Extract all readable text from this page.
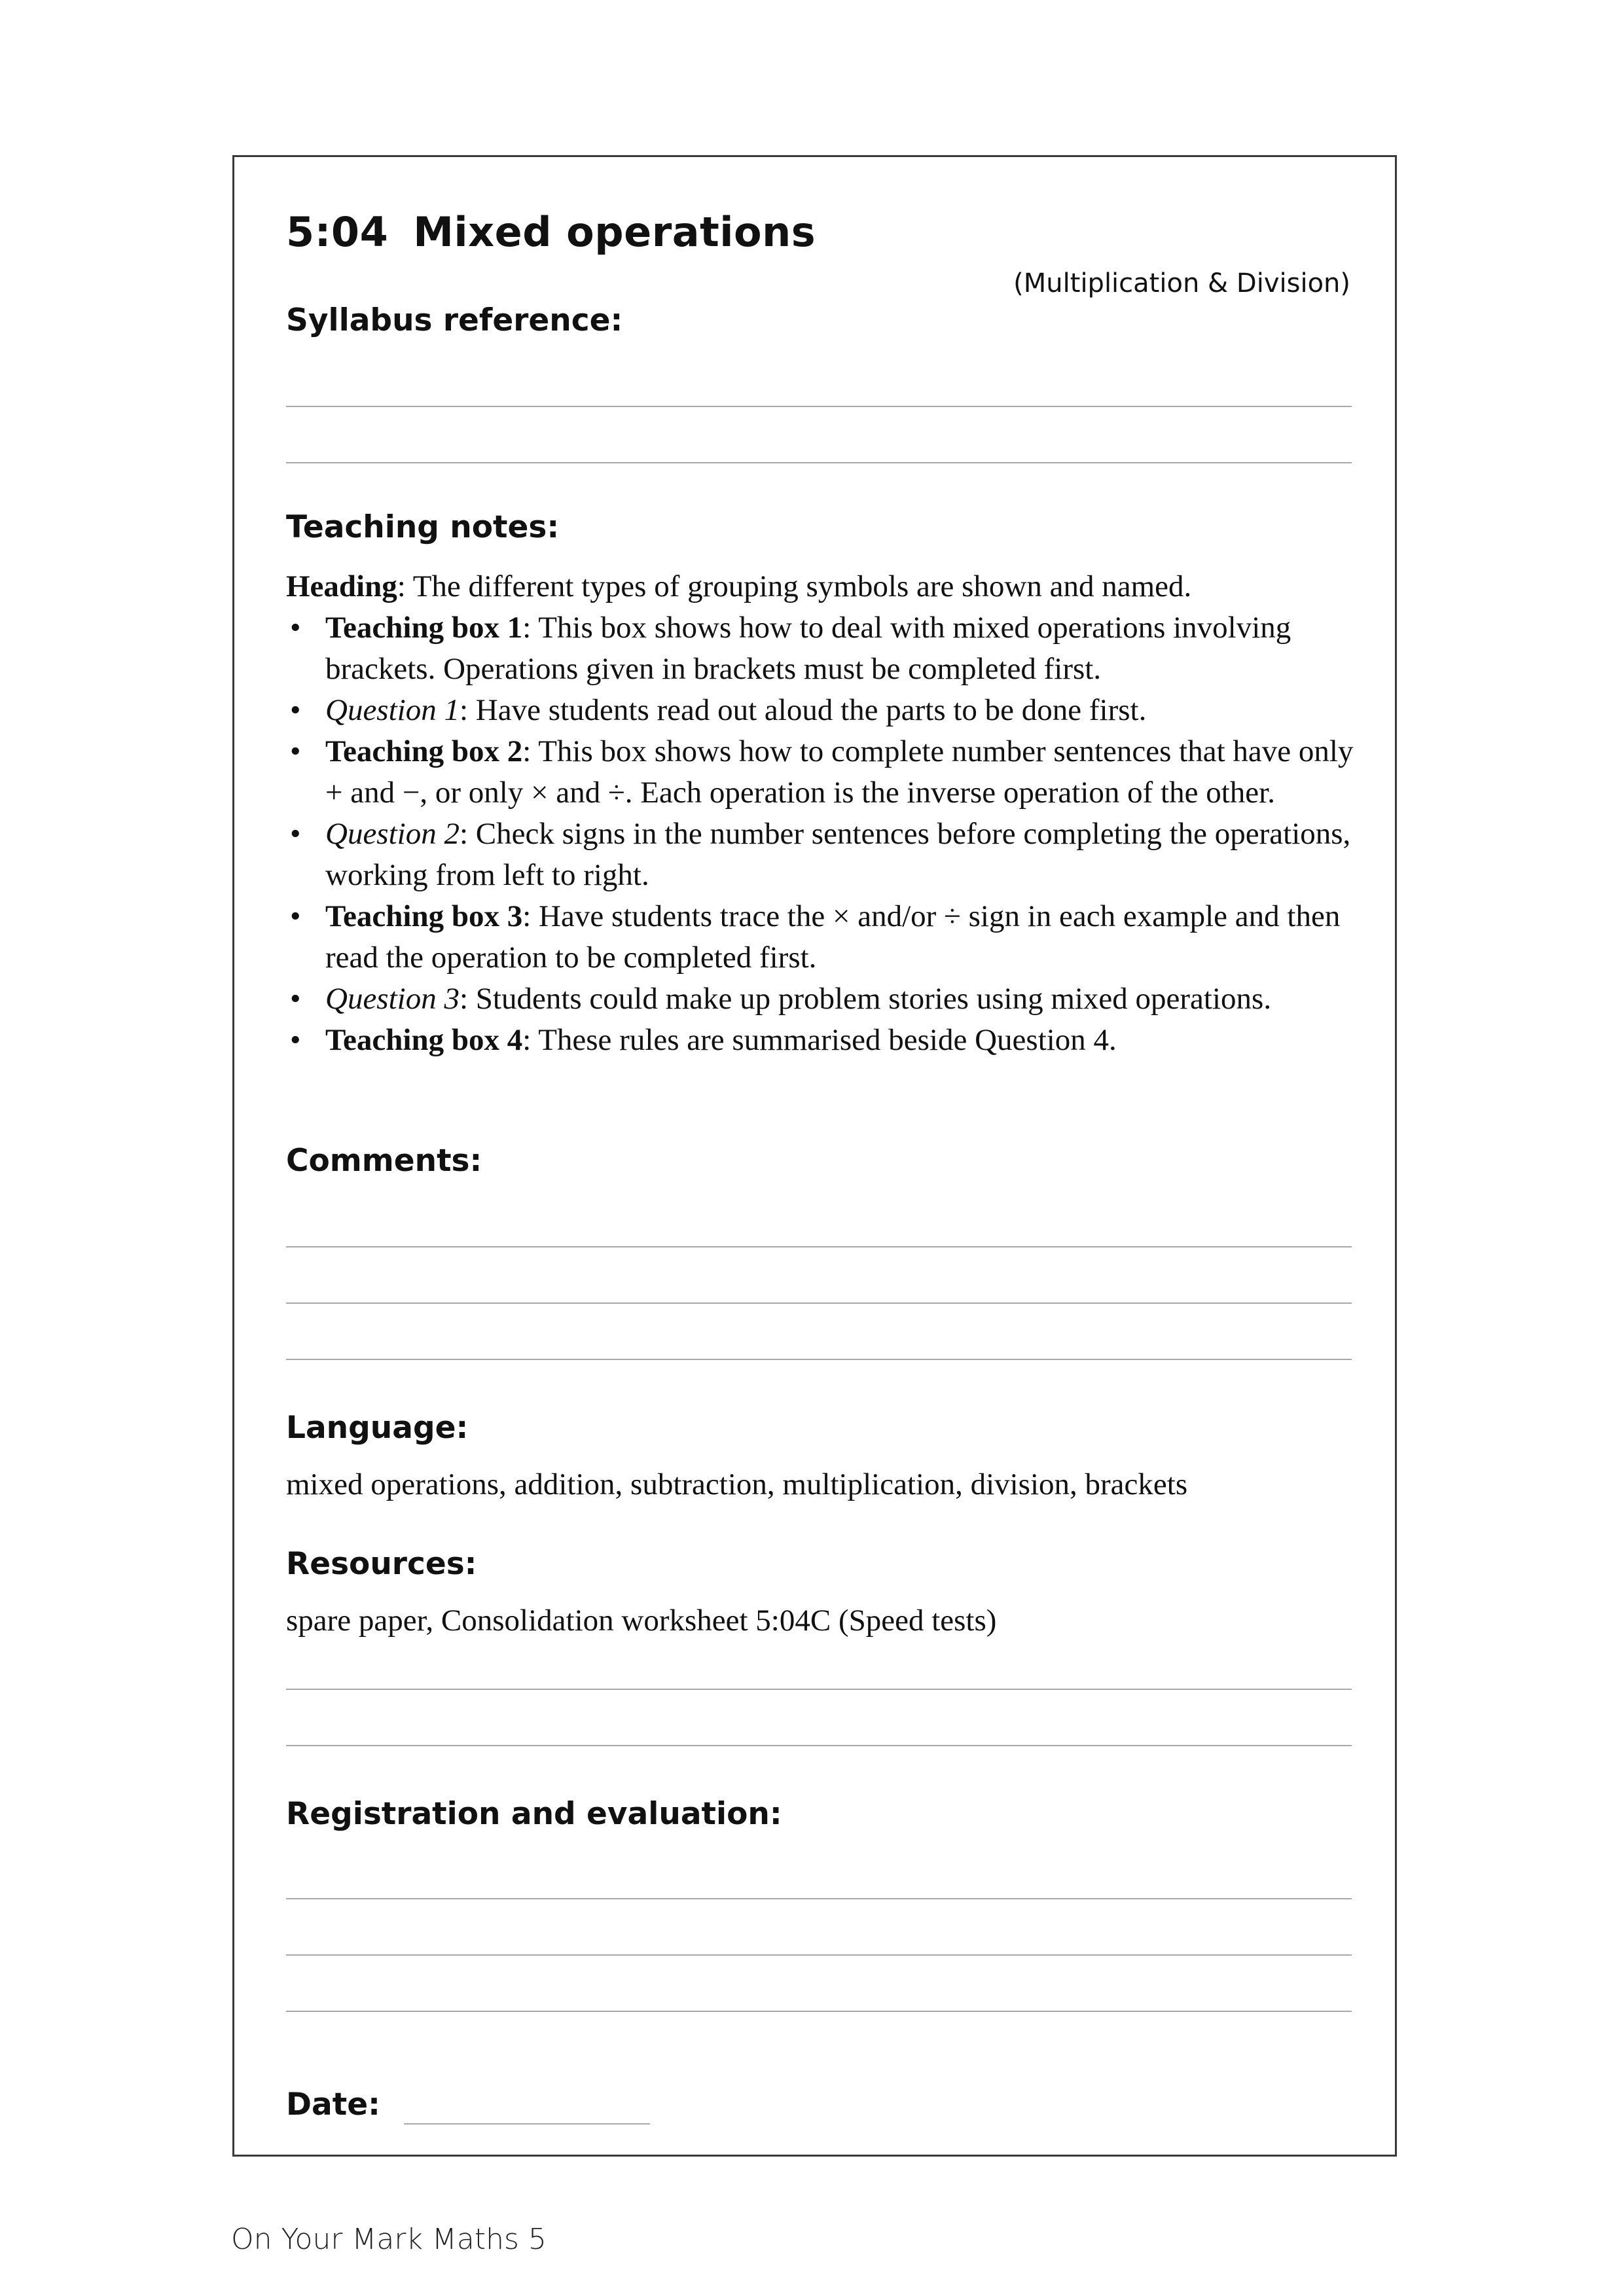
5:04 Mixed operations
(Multiplication & Division)
Syllabus reference:
Teaching notes:
Heading: The different types of grouping symbols are shown and named.
• Teaching box 1: This box shows how to deal with mixed operations involving brackets. Operations given in brackets must be completed first.
• Question 1: Have students read out aloud the parts to be done first.
• Teaching box 2: This box shows how to complete number sentences that have only + and −, or only × and ÷. Each operation is the inverse operation of the other.
• Question 2: Check signs in the number sentences before completing the operations, working from left to right.
• Teaching box 3: Have students trace the × and/or ÷ sign in each example and then read the operation to be completed first.
• Question 3: Students could make up problem stories using mixed operations.
• Teaching box 4: These rules are summarised beside Question 4.
Comments:
Language:
mixed operations, addition, subtraction, multiplication, division, brackets
Resources:
spare paper, Consolidation worksheet 5:04C (Speed tests)
Registration and evaluation:
Date:
On Your Mark Maths 5
